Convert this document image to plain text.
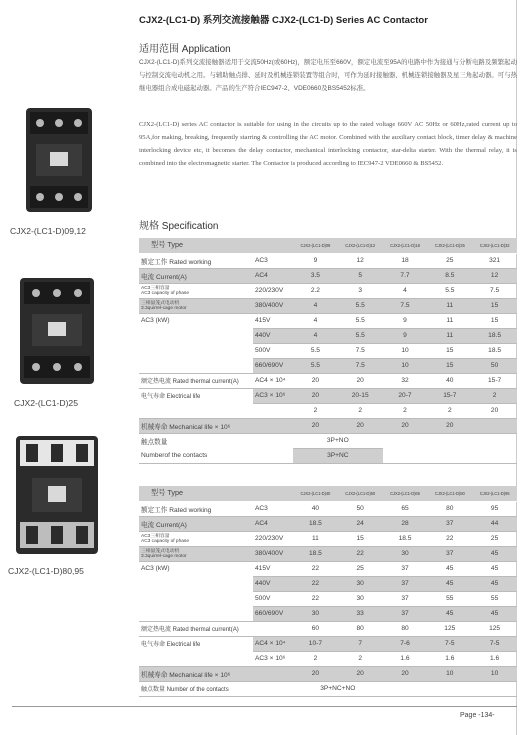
CJX2-(LC1-D) 系列交流接触器 CJX2-(LC1-D) Series AC Contactor
适用范围 Application
CJX2-(LC1-D)系列交流接触器适用于交流50Hz(或60Hz)，额定电压至660V，额定电流至95A的电路中作为接通与分断电路及频繁起动与控制交流电动机之用。与辅助触点排、延时及机械连锁装置等组合时，可作为延时接触器、机械连锁接触器及星三角起动器。可与热继电器组合成电磁起动器。产品的生产符合IEC947-2、VDE0660及BS5452标准。
CJX2-(LC1-D) series AC contactor is suitable for using in the circuits up to the rated voltage 660V AC 50Hz or 60Hz,rated current up to 95A,for making, breaking, frequently starring & controlling the AC motor. Combined with the auxiliary contact block, timer delay & machine interlocking device etc, it becomes the delay contactor, mechanical interlocking contactor, star-delta starter. With the thermal relay, it is combined into the electromagnetic starter. The Contactor is produced according to IEC947-2 VDE0660 & BS5452.
规格 Specification
CJX2-(LC1-D)09,12
CJX2-(LC1-D)25
CJX2-(LC1-D)80,95
型号 Type		CJX2-(LC1-D)09	CJX2-(LC1-D)12	CJX2-(LC1-D)18	CJX2-(LC1-D)25	CJX2-(LC1-D)32
额定工作 Rated working	AC3	9	12	18	25	321
电流 Current(A)	AC4	3.5	5	7.7	8.5	12

AC3三相容量
AC3 capacity of phase	220/230V	2.2	3	4	5.5	7.5

三相鼠笼式电动机
3.3quirrel-cage motor	380/400V	4	5.5	7.5	11	15
AC3 (kW)	415V	4	5.5	9	11	15
	440V	4	5.5	9	11	18.5
	500V	5.5	7.5	10	15	18.5
	660/690V	5.5	7.5	10	15	50
额定热电流 Rated thermal current(A)	AC4 × 10⁴	20	20	32	40	15-7
电气寿命 Electrical life	AC3 × 10⁶	20	20-15	20-7	15-7	2
		2	2	2	2	20
机械寿命 Mechanical life × 10⁶		20	20	20	20	
触点数量		3P+NO				
Numberof the contacts		3P+NC				
型号 Type		CJX2-(LC1-D)40	CJX2-(LC1-D)50	CJX2-(LC1-D)65	CJX2-(LC1-D)80	CJX2-(LC1-D)95
额定工作 Rated working	AC3	40	50	65	80	95
电流 Current(A)	AC4	18.5	24	28	37	44

AC3三相容量
AC3 capacity of phase	220/230V	11	15	18.5	22	25

三相鼠笼式电动机
3.3quirrel-cage motor	380/400V	18.5	22	30	37	45
AC3 (kW)	415V	22	25	37	45	45
	440V	22	30	37	45	45
	500V	22	30	37	55	55
	660/690V	30	33	37	45	45
额定热电流 Rated thermal current(A)		60	80	80	125	125
电气寿命 Electrical life	AC4 × 10⁴	10-7	7	7-6	7-5	7-5
	AC3 × 10⁶	2	2	1.6	1.6	1.6
机械寿命 Mechanical life × 10⁶		20	20	20	10	10
触点数量 Number of the contacts		3P+NC+NO				
Page -134-
